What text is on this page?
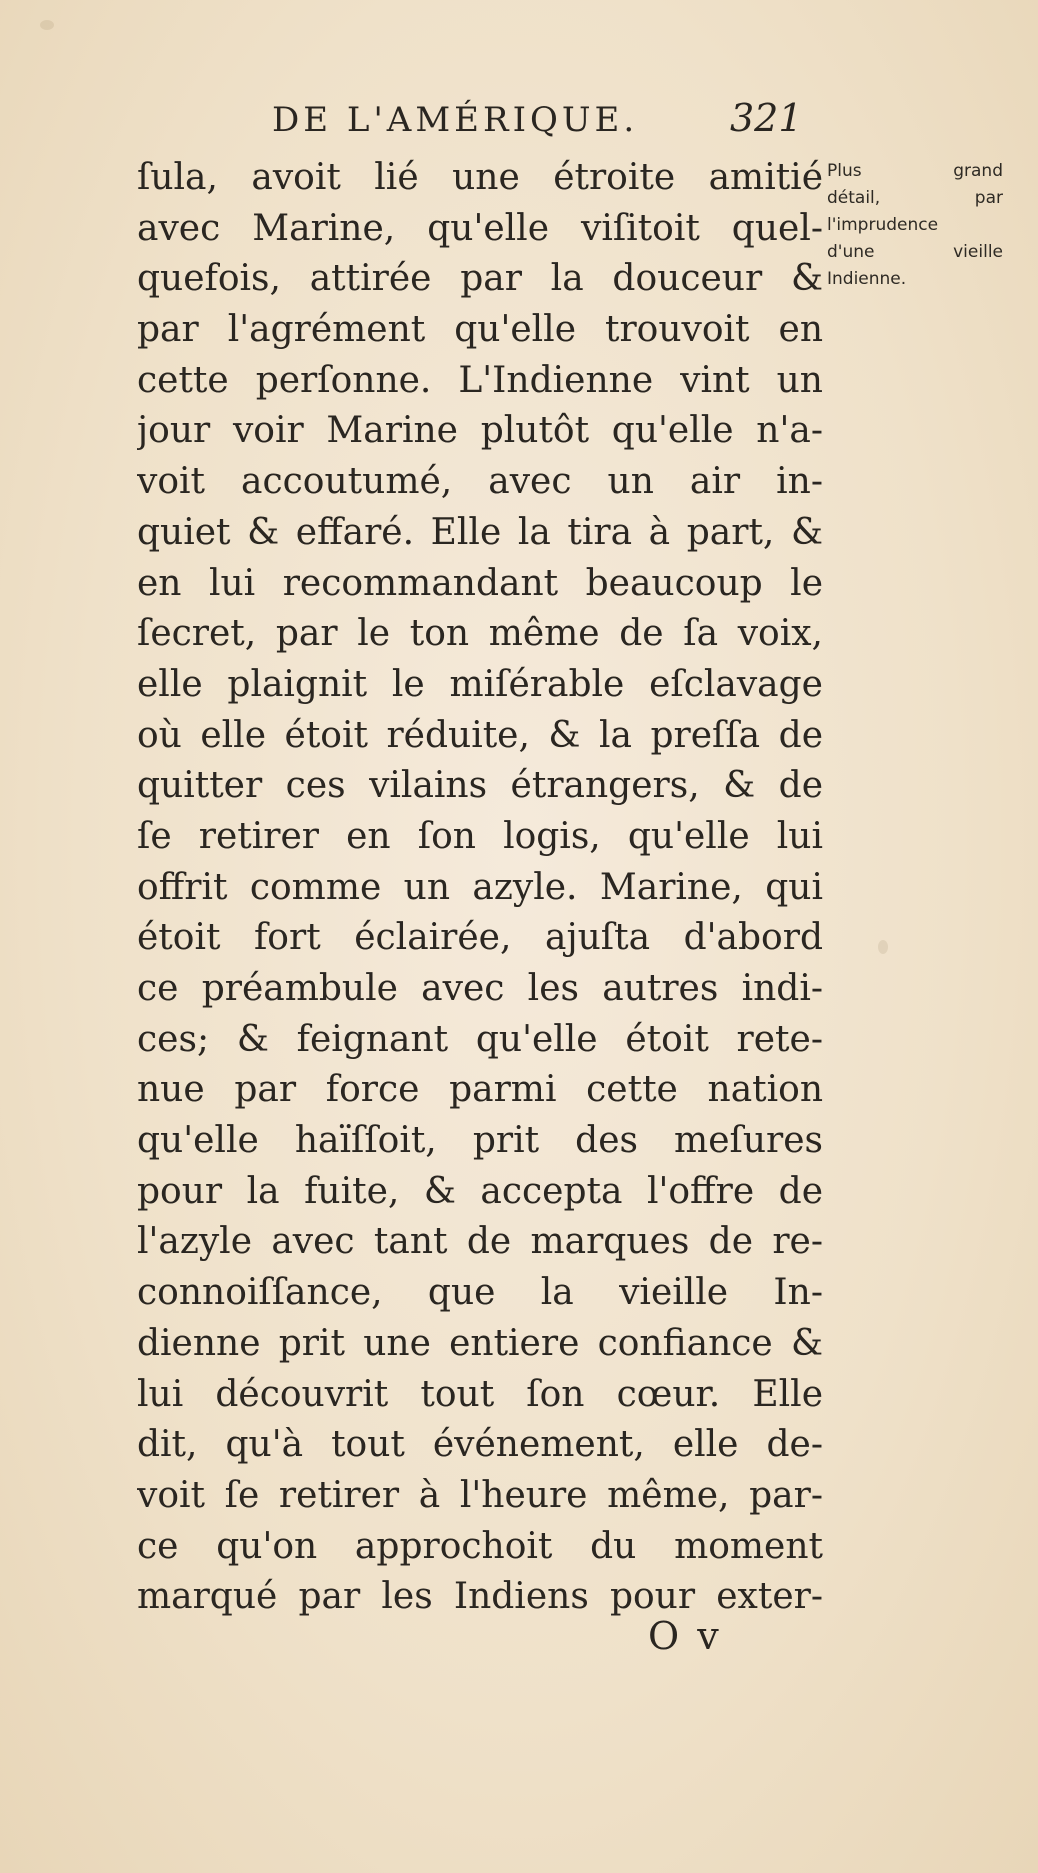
DE L'AMÉRIQUE. 321
ſula, avoit lié une étroite amitié
avec Marine, qu'elle viſitoit quel-
quefois, attirée par la douceur &
par l'agrément qu'elle trouvoit en
cette perſonne. L'Indienne vint un
jour voir Marine plutôt qu'elle n'a-
voit accoutumé, avec un air in-
quiet & effaré. Elle la tira à part, &
en lui recommandant beaucoup le
ſecret, par le ton même de ſa voix,
elle plaignit le miſérable eſclavage
où elle étoit réduite, & la preſſa de
quitter ces vilains étrangers, & de
ſe retirer en ſon logis, qu'elle lui
offrit comme un azyle. Marine, qui
étoit fort éclairée, ajuſta d'abord
ce préambule avec les autres indi-
ces; & feignant qu'elle étoit rete-
nue par force parmi cette nation
qu'elle haïſſoit, prit des meſures
pour la fuite, & accepta l'offre de
l'azyle avec tant de marques de re-
connoiſſance, que la vieille In-
dienne prit une entiere confiance &
lui découvrit tout ſon cœur. Elle
dit, qu'à tout événement, elle de-
voit ſe retirer à l'heure même, par-
ce qu'on approchoit du moment
marqué par les Indiens pour exter-
Plus grand
détail, par
l'imprudence
d'une vieille
Indienne.
O v
